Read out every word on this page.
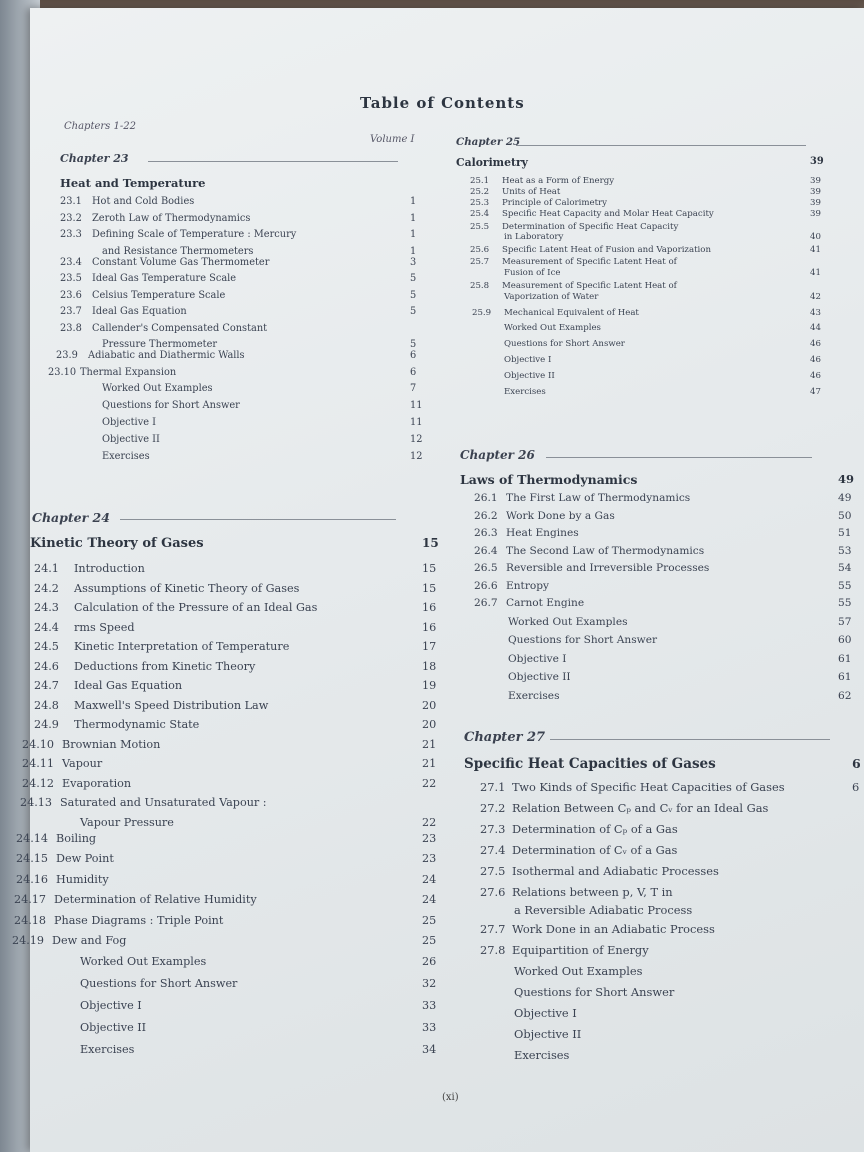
Table of Contents
Chapters 1-22
Volume I
(xi)
Chapter 23
Heat and Temperature
23.1 Hot and Cold Bodies	1
23.2 Zeroth Law of Thermodynamics	1
23.3 Defining Scale of Temperature : Mercury	1
and Resistance Thermometers	1
23.4 Constant Volume Gas Thermometer	3
23.5 Ideal Gas Temperature Scale	5
23.6 Celsius Temperature Scale	5
23.7 Ideal Gas Equation	5
23.8 Callender's Compensated Constant
Pressure Thermometer	5
23.9 Adiabatic and Diathermic Walls	6
23.10 Thermal Expansion	6
Worked Out Examples	7
Questions for Short Answer	11
Objective I	11
Objective II	12
Exercises	12
Chapter 24
Kinetic Theory of Gases	15
24.1 Introduction	15
24.2 Assumptions of Kinetic Theory of Gases	15
24.3 Calculation of the Pressure of an Ideal Gas	16
24.4 rms Speed	16
24.5 Kinetic Interpretation of Temperature	17
24.6 Deductions from Kinetic Theory	18
24.7 Ideal Gas Equation	19
24.8 Maxwell's Speed Distribution Law	20
24.9 Thermodynamic State	20
24.10 Brownian Motion	21
24.11 Vapour	21
24.12 Evaporation	22
24.13 Saturated and Unsaturated Vapour :
Vapour Pressure	22
24.14 Boiling	23
24.15 Dew Point	23
24.16 Humidity	24
24.17 Determination of Relative Humidity	24
24.18 Phase Diagrams : Triple Point	25
24.19 Dew and Fog	25
Worked Out Examples	26
Questions for Short Answer	32
Objective I	33
Objective II	33
Exercises	34
Chapter 25
Calorimetry	39
25.1 Heat as a Form of Energy	39
25.2 Units of Heat	39
25.3 Principle of Calorimetry	39
25.4 Specific Heat Capacity and Molar Heat Capacity	39
25.5 Determination of Specific Heat Capacity
in Laboratory	40
25.6 Specific Latent Heat of Fusion and Vaporization	41
25.7 Measurement of Specific Latent Heat of
Fusion of Ice	41
25.8 Measurement of Specific Latent Heat of
Vaporization of Water	42
25.9 Mechanical Equivalent of Heat	43
Worked Out Examples	44
Questions for Short Answer	46
Objective I	46
Objective II	46
Exercises	47
Chapter 26
Laws of Thermodynamics	49
26.1 The First Law of Thermodynamics	49
26.2 Work Done by a Gas	50
26.3 Heat Engines	51
26.4 The Second Law of Thermodynamics	53
26.5 Reversible and Irreversible Processes	54
26.6 Entropy	55
26.7 Carnot Engine	55
Worked Out Examples	57
Questions for Short Answer	60
Objective I	61
Objective II	61
Exercises	62
Chapter 27
Specific Heat Capacities of Gases	6
27.1 Two Kinds of Specific Heat Capacities of Gases	6
27.2 Relation Between Cₚ and Cᵥ for an Ideal Gas
27.3 Determination of Cₚ of a Gas
27.4 Determination of Cᵥ of a Gas
27.5 Isothermal and Adiabatic Processes
27.6 Relations between p, V, T in
a Reversible Adiabatic Process
27.7 Work Done in an Adiabatic Process
27.8 Equipartition of Energy
Worked Out Examples
Questions for Short Answer
Objective I
Objective II
Exercises
